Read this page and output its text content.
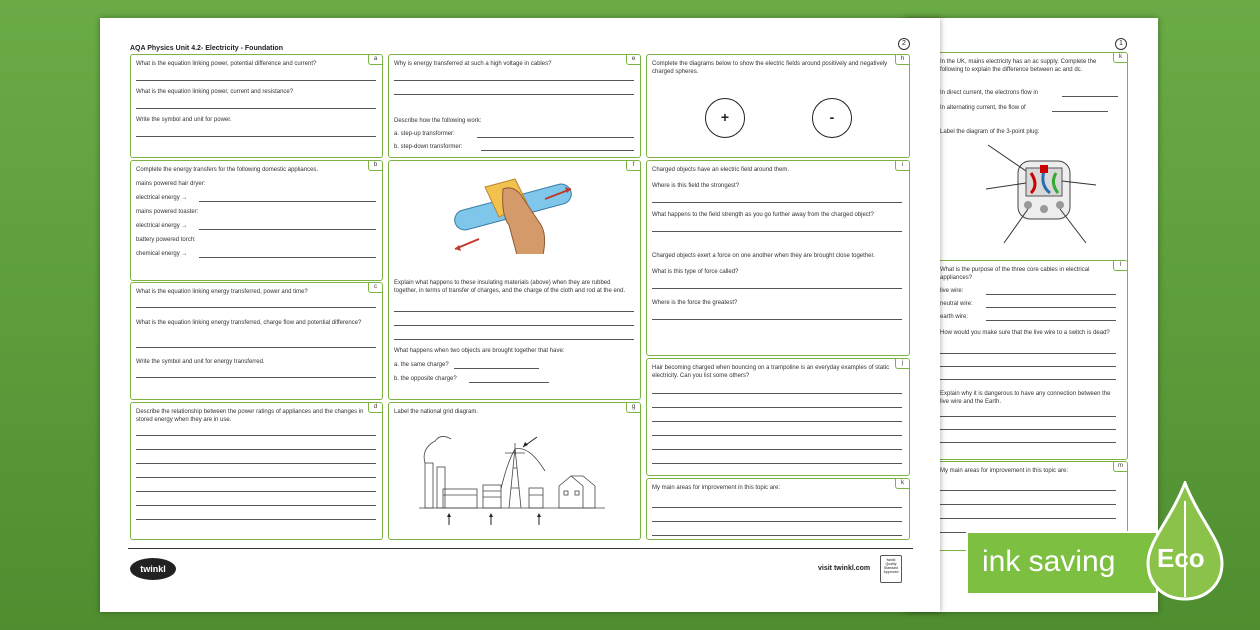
1
k
In the UK, mains electricity has an ac supply. Complete the following to explain the difference between ac and dc.
In direct current, the electrons flow in
In alternating current, the flow of
Label the diagram of the 3-point plug:
l
What is the purpose of the three core cables in electrical appliances?
live wire:
neutral wire:
earth wire:
How would you make sure that the live wire to a switch is dead?
Explain why it is dangerous to have any connection between the live wire and the Earth.
m
My main areas for improvement in this topic are:
AQA Physics Unit 4.2- Electricity - Foundation
2
a
What is the equation linking power, potential difference and current?
What is the equation linking power, current and resistance?
Write the symbol and unit for power.
b
Complete the energy transfers for the following domestic appliances.
mains powered hair dryer:
electrical energy →
mains powered toaster:
electrical energy →
battery powered torch:
chemical energy →
c
What is the equation linking energy transferred, power and time?
What is the equation linking energy transferred, charge flow and potential difference?
Write the symbol and unit for energy transferred.
d
Describe the relationship between the power ratings of appliances and the changes in stored energy when they are in use.
e
Why is energy transferred at such a high voltage in cables?
Describe how the following work:
a. step-up transformer:
b. step-down transformer:
f
Explain what happens to these insulating materials (above) when they are rubbed together, in terms of transfer of charges, and the charge of the cloth and rod at the end.
What happens when two objects are brought together that have:
a. the same charge?
b. the opposite charge?
g
Label the national grid diagram.
h
Complete the diagrams below to show the electric fields around positively and negatively charged spheres.
+	-
i
Charged objects have an electric field around them.
Where is this field the strongest?
What happens to the field strength as you go further away from the charged object?
Charged objects exert a force on one another when they are brought close together.
What is this type of force called?
Where is the force the greatest?
j
Hair becoming charged when bouncing on a trampoline is an everyday examples of static electricity. Can you list some others?
k
My main areas for improvement in this topic are:
twinkl	visit twinkl.com
twinkl Quality Standard Approved	ink saving	Eco
